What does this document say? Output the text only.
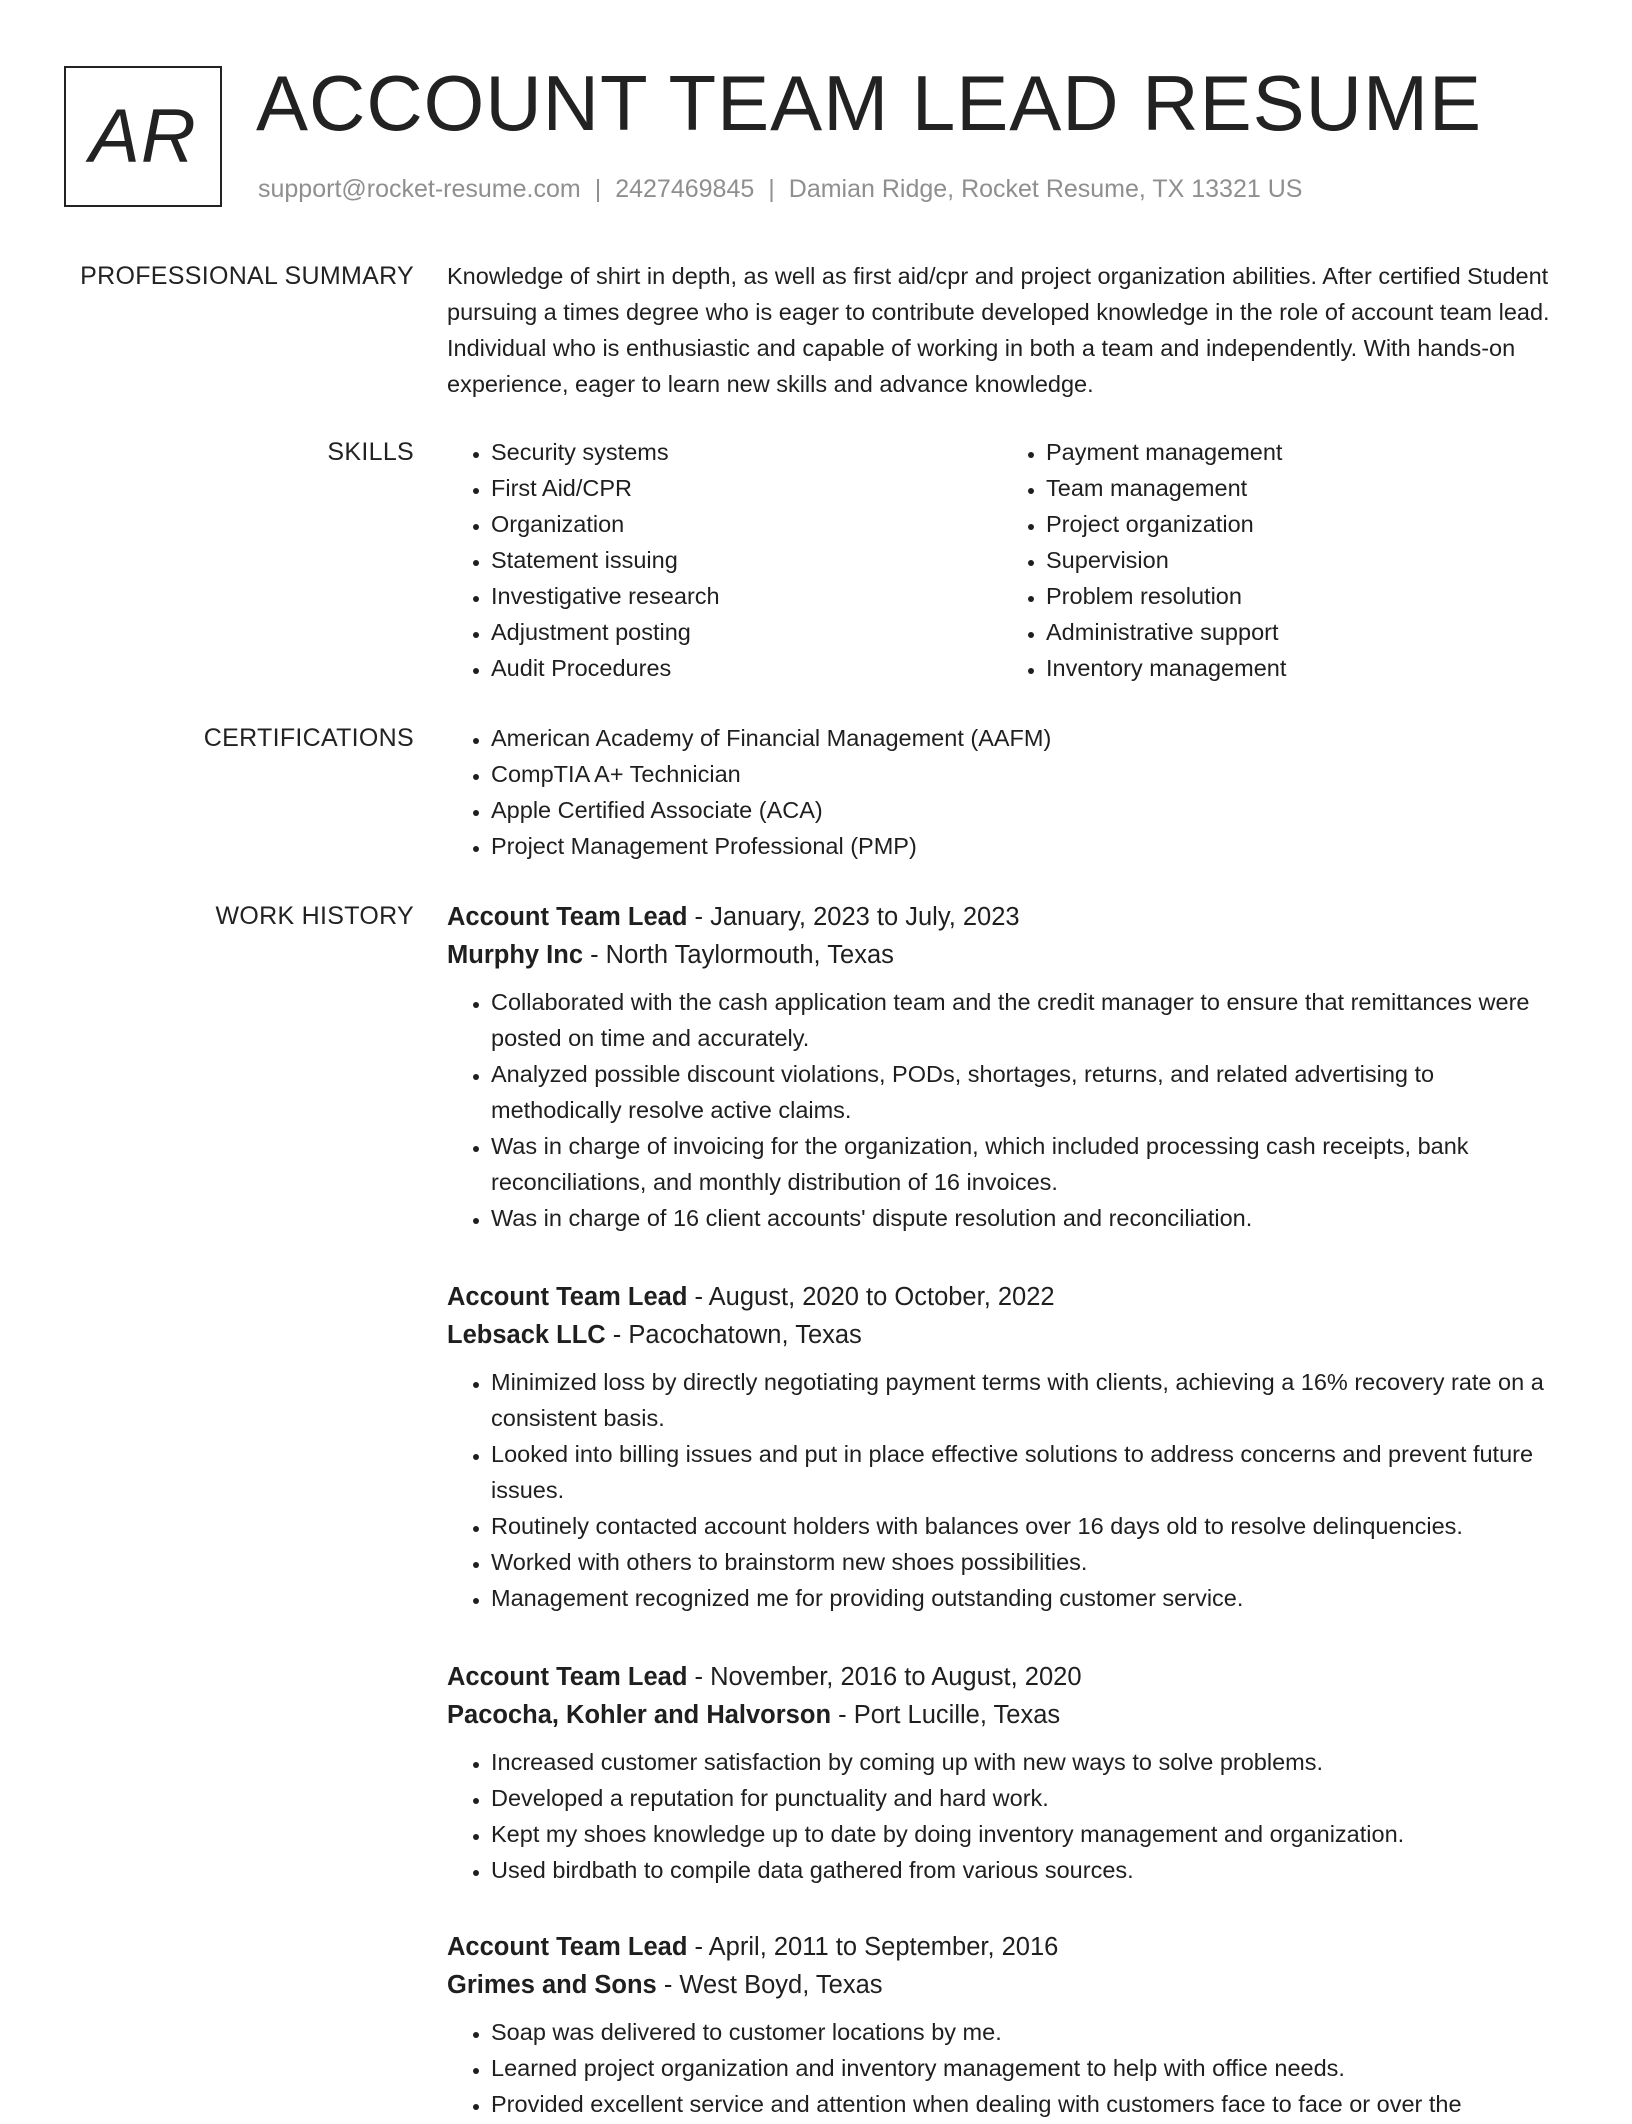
AR ACCOUNT TEAM LEAD RESUME
support@rocket-resume.com | 2427469845 | Damian Ridge, Rocket Resume, TX 13321 US
PROFESSIONAL SUMMARY Knowledge of shirt in depth, as well as first aid/cpr and project organization abilities. After certified Student pursuing a times degree who is eager to contribute developed knowledge in the role of account team lead. Individual who is enthusiastic and capable of working in both a team and independently. With hands-on experience, eager to learn new skills and advance knowledge.

SKILLS	• Security systems
• First Aid/CPR
• Organization
• Statement issuing
• Investigative research
• Adjustment posting
• Audit Procedures
• Payment management
• Team management
• Project organization
• Supervision
• Problem resolution
• Administrative support
• Inventory management
CERTIFICATIONS	• American Academy of Financial Management (AAFM)
• CompTIA A+ Technician
• Apple Certified Associate (ACA)
• Project Management Professional (PMP)
WORK HISTORY Account Team Lead - January, 2023 to July, 2023
Murphy Inc - North Taylormouth, Texas
• Collaborated with the cash application team and the credit manager to ensure that remittances were posted on time and accurately.
• Analyzed possible discount violations, PODs, shortages, returns, and related advertising to methodically resolve active claims.
• Was in charge of invoicing for the organization, which included processing cash receipts, bank reconciliations, and monthly distribution of 16 invoices.
• Was in charge of 16 client accounts' dispute resolution and reconciliation.
Account Team Lead - August, 2020 to October, 2022
Lebsack LLC - Pacochatown, Texas
• Minimized loss by directly negotiating payment terms with clients, achieving a 16% recovery rate on a consistent basis.
• Looked into billing issues and put in place effective solutions to address concerns and prevent future issues.
• Routinely contacted account holders with balances over 16 days old to resolve delinquencies.
• Worked with others to brainstorm new shoes possibilities.
• Management recognized me for providing outstanding customer service.
Account Team Lead - November, 2016 to August, 2020
Pacocha, Kohler and Halvorson - Port Lucille, Texas
• Increased customer satisfaction by coming up with new ways to solve problems.
• Developed a reputation for punctuality and hard work.
• Kept my shoes knowledge up to date by doing inventory management and organization.
• Used birdbath to compile data gathered from various sources.
Account Team Lead - April, 2011 to September, 2016
Grimes and Sons - West Boyd, Texas
• Soap was delivered to customer locations by me.
• Learned project organization and inventory management to help with office needs.
• Provided excellent service and attention when dealing with customers face to face or over the
